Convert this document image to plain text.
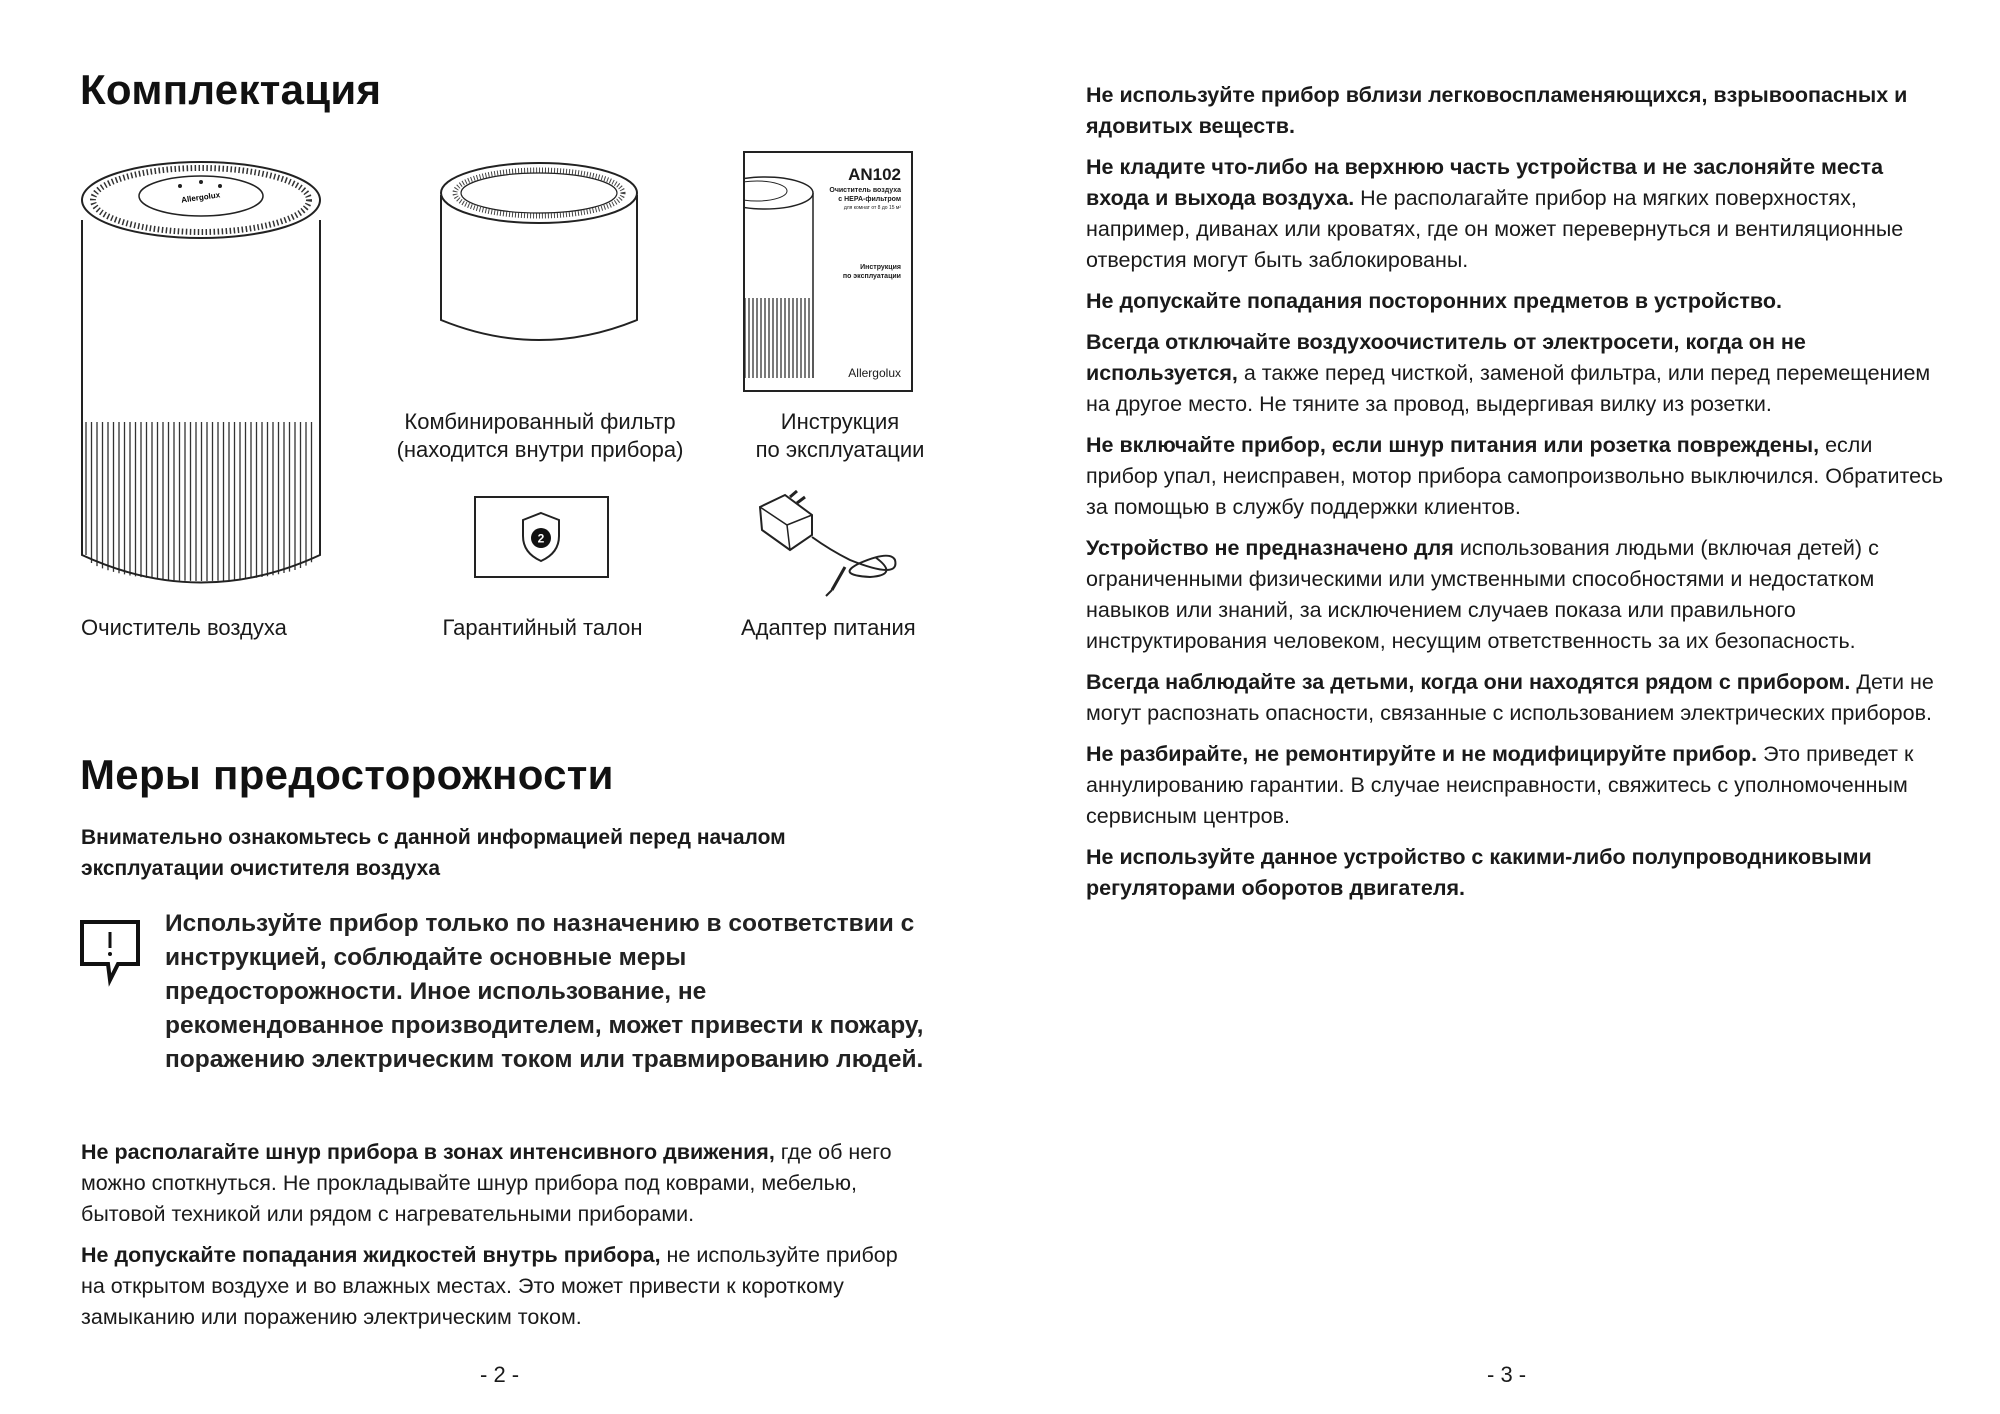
Комплектация
Allergolux
AN102
Очиститель воздуха
с HEPA-фильтром
для комнат от 8 до 15 м²
Инструкция
по эксплуатации
Allergolux
Комбинированный фильтр
(находится внутри прибора)
Инструкция
по эксплуатации
2
Очиститель воздуха	Гарантийный талон	Адаптер питания
Меры предосторожности
Внимательно ознакомьтесь с данной информацией перед началом эксплуатации очистителя воздуха
Используйте прибор только по назначению в соответствии с инструкцией, соблюдайте основные меры предосторожности. Иное использование, не рекомендованное производителем, может привести к пожару, поражению электрическим током или травмированию людей.

Не располагайте шнур прибора в зонах интенсивного движения, где об него можно споткнуться. Не прокладывайте шнур прибора под коврами, мебелью, бытовой техникой или рядом с нагревательными приборами.

Не допускайте попадания жидкостей внутрь прибора, не используйте прибор на открытом воздухе и во влажных местах. Это может привести к короткому замыканию или поражению электрическим током.

- 2 -

Не используйте прибор вблизи легковоспламеняющихся, взрывоопасных и ядовитых веществ.

Не кладите что-либо на верхнюю часть устройства и не заслоняйте места входа и выхода воздуха. Не располагайте прибор на мягких поверхностях, например, диванах или кроватях, где он может перевернуться и вентиляционные отверстия могут быть заблокированы.

Не допускайте попадания посторонних предметов в устройство.

Всегда отключайте воздухоочиститель от электросети, когда он не используется, а также перед чисткой, заменой фильтра, или перед перемещением на другое место. Не тяните за провод, выдергивая вилку из розетки.

Не включайте прибор, если шнур питания или розетка повреждены, если прибор упал, неисправен, мотор прибора самопроизвольно выключился. Обратитесь за помощью в службу поддержки клиентов.

Устройство не предназначено для использования людьми (включая детей) с ограниченными физическими или умственными способностями и недостатком навыков или знаний, за исключением случаев показа или правильного инструктирования человеком, несущим ответственность за их безопасность.

Всегда наблюдайте за детьми, когда они находятся рядом с прибором. Дети не могут распознать опасности, связанные с использованием электрических приборов.

Не разбирайте, не ремонтируйте и не модифицируйте прибор. Это приведет к аннулированию гарантии. В случае неисправности, свяжитесь с уполномоченным сервисным центров.

Не используйте данное устройство с какими-либо полупроводниковыми регуляторами оборотов двигателя.

- 3 -
